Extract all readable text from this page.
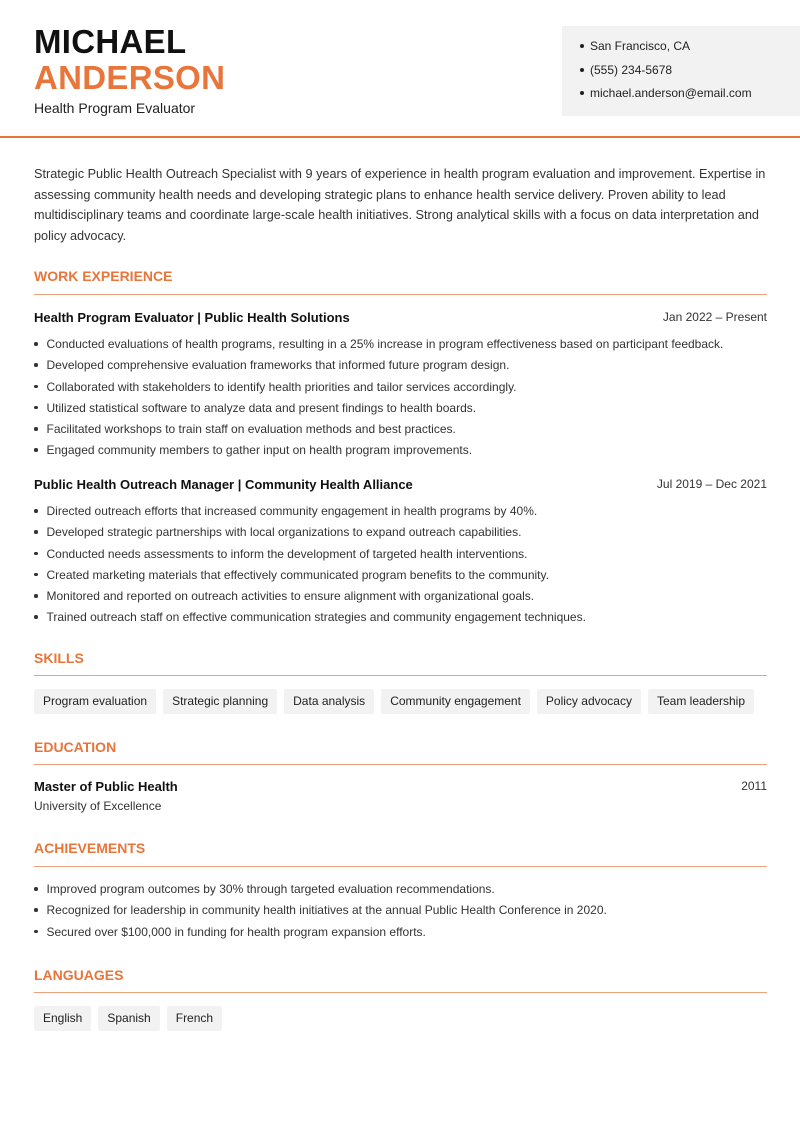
MICHAEL
ANDERSON
Health Program Evaluator
San Francisco, CA
(555) 234-5678
michael.anderson@email.com

Strategic Public Health Outreach Specialist with 9 years of experience in health program evaluation and improvement. Expertise in assessing community health needs and developing strategic plans to enhance health service delivery. Proven ability to lead multidisciplinary teams and coordinate large-scale health initiatives. Strong analytical skills with a focus on data interpretation and policy advocacy.

WORK EXPERIENCE
Health Program Evaluator | Public Health Solutions	Jan 2022 – Present
Conducted evaluations of health programs, resulting in a 25% increase in program effectiveness based on participant feedback.
Developed comprehensive evaluation frameworks that informed future program design.
Collaborated with stakeholders to identify health priorities and tailor services accordingly.
Utilized statistical software to analyze data and present findings to health boards.
Facilitated workshops to train staff on evaluation methods and best practices.
Engaged community members to gather input on health program improvements.
Public Health Outreach Manager | Community Health Alliance	Jul 2019 – Dec 2021
Directed outreach efforts that increased community engagement in health programs by 40%.
Developed strategic partnerships with local organizations to expand outreach capabilities.
Conducted needs assessments to inform the development of targeted health interventions.
Created marketing materials that effectively communicated program benefits to the community.
Monitored and reported on outreach activities to ensure alignment with organizational goals.
Trained outreach staff on effective communication strategies and community engagement techniques.
SKILLS
Program evaluation	Strategic planning	Data analysis	Community engagement	Policy advocacy	Team leadership
EDUCATION
Master of Public Health	2011
University of Excellence
ACHIEVEMENTS
Improved program outcomes by 30% through targeted evaluation recommendations.
Recognized for leadership in community health initiatives at the annual Public Health Conference in 2020.
Secured over $100,000 in funding for health program expansion efforts.
LANGUAGES
English	Spanish	French
